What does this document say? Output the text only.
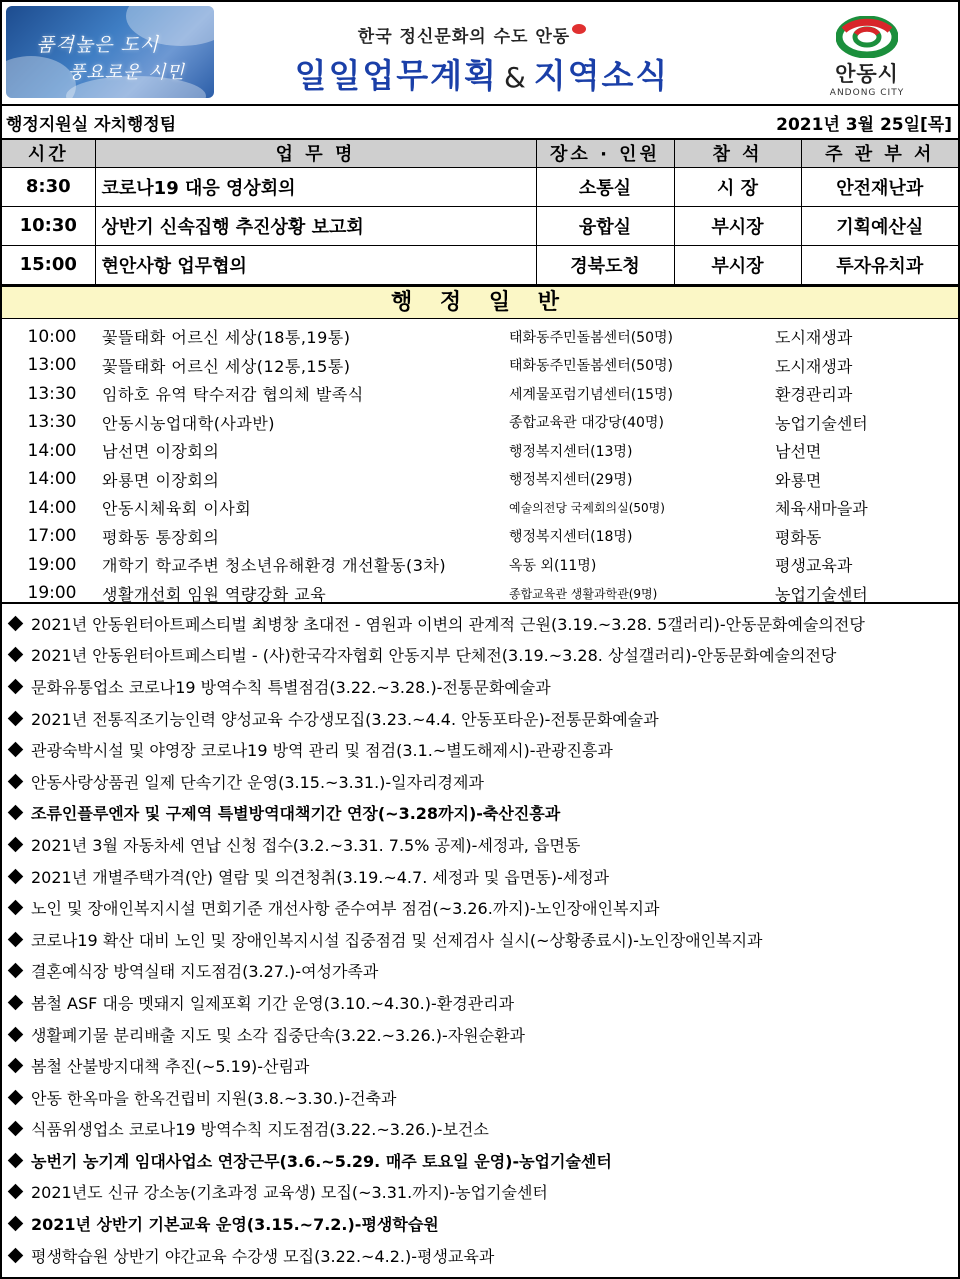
품격높은 도시
풍요로운 시민
한국 정신문화의 수도 안동
일일업무계획 & 지역소식	안동시
ANDONG CITY
행정지원실 자치행정팀	2021년 3월 25일[목]
시간	업 무 명	장소 · 인원	참 석	주 관 부 서
8:30	코로나19 대응 영상회의	소통실	시 장	안전재난과
10:30	상반기 신속집행 추진상황 보고회	융합실	부시장	기획예산실
15:00	현안사항 업무협의	경북도청	부시장	투자유치과
행 정 일 반
10:00	꽃뜰태화 어르신 세상(18통,19통)	태화동주민돌봄센터(50명)	도시재생과
13:00	꽃뜰태화 어르신 세상(12통,15통)	태화동주민돌봄센터(50명)	도시재생과
13:30	임하호 유역 탁수저감 협의체 발족식	세계물포럼기념센터(15명)	환경관리과
13:30	안동시농업대학(사과반)	종합교육관 대강당(40명)	농업기술센터
14:00	남선면 이장회의	행정복지센터(13명)	남선면
14:00	와룡면 이장회의	행정복지센터(29명)	와룡면
14:00	안동시체육회 이사회	예술의전당 국제회의실(50명)	체육새마을과
17:00	평화동 통장회의	행정복지센터(18명)	평화동
19:00	개학기 학교주변 청소년유해환경 개선활동(3차)	옥동 외(11명)	평생교육과
19:00	생활개선회 임원 역량강화 교육	종합교육관 생활과학관(9명)	농업기술센터
2021년 안동윈터아트페스티벌 최병창 초대전 - 염원과 이변의 관계적 근원(3.19.~3.28. 5갤러리)-안동문화예술의전당
2021년 안동윈터아트페스티벌 - (사)한국각자협회 안동지부 단체전(3.19.~3.28. 상설갤러리)-안동문화예술의전당
문화유통업소 코로나19 방역수칙 특별점검(3.22.~3.28.)-전통문화예술과
2021년 전통직조기능인력 양성교육 수강생모집(3.23.~4.4. 안동포타운)-전통문화예술과
관광숙박시설 및 야영장 코로나19 방역 관리 및 점검(3.1.~별도해제시)-관광진흥과
안동사랑상품권 일제 단속기간 운영(3.15.~3.31.)-일자리경제과
조류인플루엔자 및 구제역 특별방역대책기간 연장(~3.28까지)-축산진흥과
2021년 3월 자동차세 연납 신청 접수(3.2.~3.31. 7.5% 공제)-세정과, 읍면동
2021년 개별주택가격(안) 열람 및 의견청취(3.19.~4.7. 세정과 및 읍면동)-세정과
노인 및 장애인복지시설 면회기준 개선사항 준수여부 점검(~3.26.까지)-노인장애인복지과
코로나19 확산 대비 노인 및 장애인복지시설 집중점검 및 선제검사 실시(~상황종료시)-노인장애인복지과
결혼예식장 방역실태 지도점검(3.27.)-여성가족과
봄철 ASF 대응 멧돼지 일제포획 기간 운영(3.10.~4.30.)-환경관리과
생활폐기물 분리배출 지도 및 소각 집중단속(3.22.~3.26.)-자원순환과
봄철 산불방지대책 추진(~5.19)-산림과
안동 한옥마을 한옥건립비 지원(3.8.~3.30.)-건축과
식품위생업소 코로나19 방역수칙 지도점검(3.22.~3.26.)-보건소
농번기 농기계 임대사업소 연장근무(3.6.~5.29. 매주 토요일 운영)-농업기술센터
2021년도 신규 강소농(기초과정 교육생) 모집(~3.31.까지)-농업기술센터
2021년 상반기 기본교육 운영(3.15.~7.2.)-평생학습원
평생학습원 상반기 야간교육 수강생 모집(3.22.~4.2.)-평생교육과
